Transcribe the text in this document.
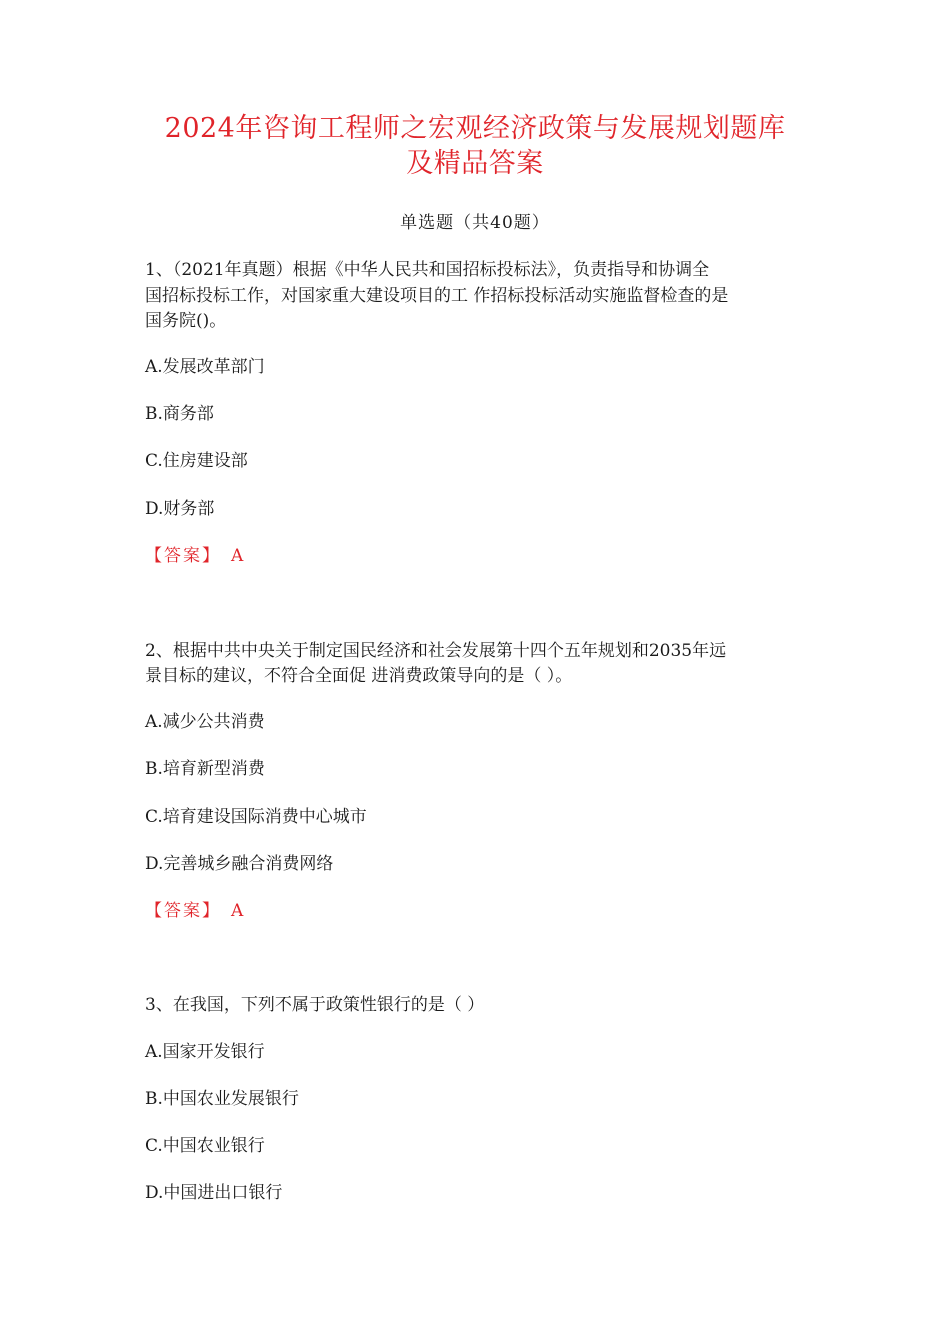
2024年咨询工程师之宏观经济政策与发展规划题库
及精品答案
单选题（共40题）
1、（2021年真题）根据《中华人民共和国招标投标法》，负责指导和协调全
国招标投标工作，对国家重大建设项目的工 作招标投标活动实施监督检查的是
国务院()。
A.发展改革部门
B.商务部
C.住房建设部
D.财务部
【答案】 A
2、根据中共中央关于制定国民经济和社会发展第十四个五年规划和2035年远
景目标的建议，不符合全面促 进消费政策导向的是（ ）。
A.减少公共消费
B.培育新型消费
C.培育建设国际消费中心城市
D.完善城乡融合消费网络
【答案】 A
3、在我国，下列不属于政策性银行的是（ ）
A.国家开发银行
B.中国农业发展银行
C.中国农业银行
D.中国进出口银行
